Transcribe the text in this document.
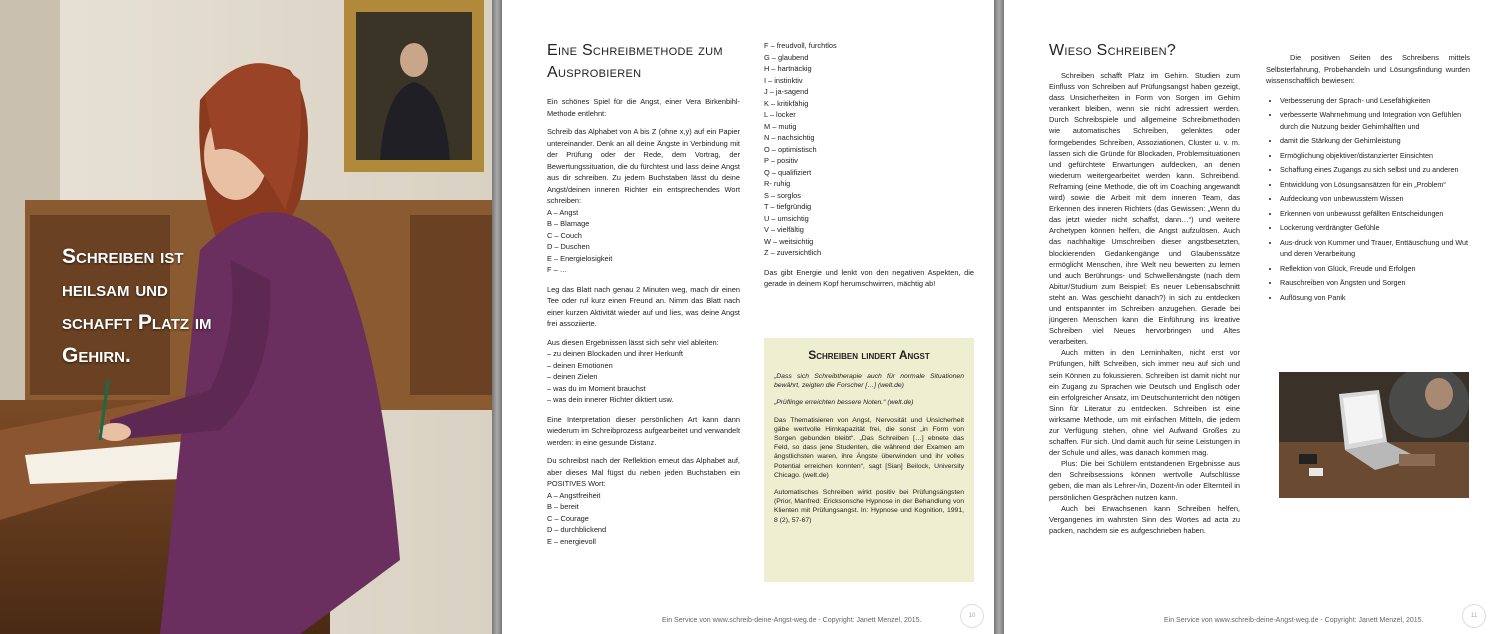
Schreiben ist
heilsam und
schafft Platz im
Gehirn.
Eine Schreibmethode zum
Ausprobieren

Ein schönes Spiel für die Angst, einer Vera Birkenbihl-Methode entlehnt:

Schreib das Alphabet von A bis Z (ohne x,y) auf ein Papier untereinander. Denk an all deine Ängste in Verbindung mit der Prüfung oder der Rede, dem Vortrag, der Bewertungssituation, die du fürchtest und lass deine Angst aus dir schreiben. Zu jedem Buchstaben lässt du deine Angst/deinen inneren Richter ein entsprechendes Wort schreiben:

A – Angst
B – Blamage
C – Couch
D – Duschen
E – Energielosigkeit
F – …

Leg das Blatt nach genau 2 Minuten weg, mach dir einen Tee oder ruf kurz einen Freund an. Nimm das Blatt nach einer kurzen Aktivität wieder auf und lies, was deine Angst frei assoziierte.

Aus diesen Ergebnissen lässt sich sehr viel ableiten:

– zu deinen Blockaden und ihrer Herkunft
– deinen Emotionen
– deinen Zielen
– was du im Moment brauchst
– was dein innerer Richter diktiert usw.

Eine Interpretation dieser persönlichen Art kann dann wiederum im Schreibprozess aufgearbeitet und verwandelt werden: in eine gesunde Distanz.

Du schreibst nach der Reflektion erneut das Alphabet auf, aber dieses Mal fügst du neben jeden Buchstaben ein POSITIVES Wort:

A – Angstfreiheit
B – bereit
C – Courage
D – durchblickend
E – energievoll
F – freudvoll, furchtlos
G – glaubend
H – hartnäckig
I – instinktiv
J – ja-sagend
K – kritikfähig
L – locker
M – mutig
N – nachsichtig
O – optimistisch
P – positiv
Q – qualifiziert
R- ruhig
S – sorglos
T – tiefgründig
U – umsichtig
V – vielfältig
W – weitsichtig
Z – zuversichtlich
Das gibt Energie und lenkt von den negativen Aspekten, die gerade in deinem Kopf herumschwirren, mächtig ab!
Schreiben lindert Angst

„Dass sich Schreibtherapie auch für normale Situationen bewährt, zeigten die Forscher […] (welt.de)

„Prüflinge erreichten bessere Noten.“ (welt.de)

Das Thematisieren von Angst, Nervosität und Unsicherheit gäbe wertvolle Hirnkapazität frei, die sonst „in Form von Sorgen gebunden bleibt“. „Das Schreiben […] ebnete das Feld, so dass jene Studenten, die während der Examen am ängstlichsten waren, ihre Ängste überwinden und ihr volles Potential erreichen konnten“, sagt [Sian] Beilock, University Chicago. (welt.de)

Automatisches Schreiben wirkt positiv bei Prüfungsängsten (Prior, Manfred: Ericksonsche Hypnose in der Behandlung von Klienten mit Prüfungsangst. In: Hypnose und Kognition, 1991, 8 (2), 57-67)

Ein Service von www.schreib-deine-Angst-weg.de - Copyright: Janett Menzel, 2015.
10
Wieso Schreiben?

Schreiben schafft Platz im Gehirn. Studien zum Einfluss von Schreiben auf Prüfungsangst haben gezeigt, dass Unsicherheiten in Form von Sorgen im Gehirn verankert bleiben, wenn sie nicht adressiert werden. Durch Schreibspiele und allgemeine Schreibmethoden wie automatisches Schreiben, gelenktes oder formgebendes Schreiben, Assoziationen, Cluster u. v. m. lassen sich die Gründe für Blockaden, Problemsituationen und gefürchtete Erwartungen aufdecken, an denen wiederum weitergearbeitet werden kann. Schreibend. Reframing (eine Methode, die oft im Coaching angewandt wird) sowie die Arbeit mit dem inneren Team, das Erkennen des inneren Richters (das Gewissen: „Wenn du das jetzt wieder nicht schaffst, dann…“) und weitere Archetypen können helfen, die Angst aufzulösen. Auch das nachhaltige Umschreiben dieser angstbesetzten, blockierenden Gedankengänge und Glaubenssätze ermöglicht Menschen, ihre Welt neu bewerten zu lernen und auch Berührungs- und Schwellenängste (nach dem Abitur/Studium zum Beispiel: Es neuer Lebensabschnitt steht an. Was geschieht danach?) in sich zu entdecken und entspannter im Schreiben anzugehen. Gerade bei jüngeren Menschen kann die Einführung ins kreative Schreiben viel Neues hervorbringen und Altes verarbeiten.

Auch mitten in den Lerninhalten, nicht erst vor Prüfungen, hilft Schreiben, sich immer neu auf sich und sein Können zu fokussieren. Schreiben ist damit nicht nur ein Zugang zu Sprachen wie Deutsch und Englisch oder ein erfolgreicher Ansatz, im Deutschunterricht den nötigen Sinn für Literatur zu entdecken. Schreiben ist eine wirksame Methode, um mit einfachen Mitteln, die jedem zur Verfügung stehen, ohne viel Aufwand Großes zu schaffen. Für sich. Und damit auch für seine Leistungen in der Schule und alles, was danach kommen mag.

Plus: Die bei Schülern entstandenen Ergebnisse aus den Schreibsessions können wertvolle Aufschlüsse geben, die man als Lehrer-/in, Dozent-/in oder Elternteil in persönlichen Gesprächen nutzen kann.

Auch bei Erwachsenen kann Schreiben helfen, Vergangenes im wahrsten Sinn des Wortes ad acta zu packen, nachdem sie es aufgeschrieben haben.

Die positiven Seiten des Schreibens mittels Selbsterfahrung, Probehandeln und Lösungsfindung wurden wissenschaftlich bewiesen:
• Verbesserung der Sprach- und Lesefähigkeiten
• verbesserte Wahrnehmung und Integration von Gefühlen durch die Nutzung beider Gehirnhälften und
• damit die Stärkung der Gehirnleistung
• Ermöglichung objektiver/distanzierter Einsichten
• Schaffung eines Zugangs zu sich selbst und zu anderen
• Entwicklung von Lösungsansätzen für ein „Problem“
• Aufdeckung von unbewusstem Wissen
• Erkennen von unbewusst gefällten Entscheidungen
• Lockerung verdrängter Gefühle
• Aus-druck von Kummer und Trauer, Enttäuschung und Wut und deren Verarbeitung
• Reflektion von Glück, Freude und Erfolgen
• Rauschreiben von Ängsten und Sorgen
• Auflösung von Panik
Ein Service von www.schreib-deine-Angst-weg.de - Copyright: Janett Menzel, 2015.
11
